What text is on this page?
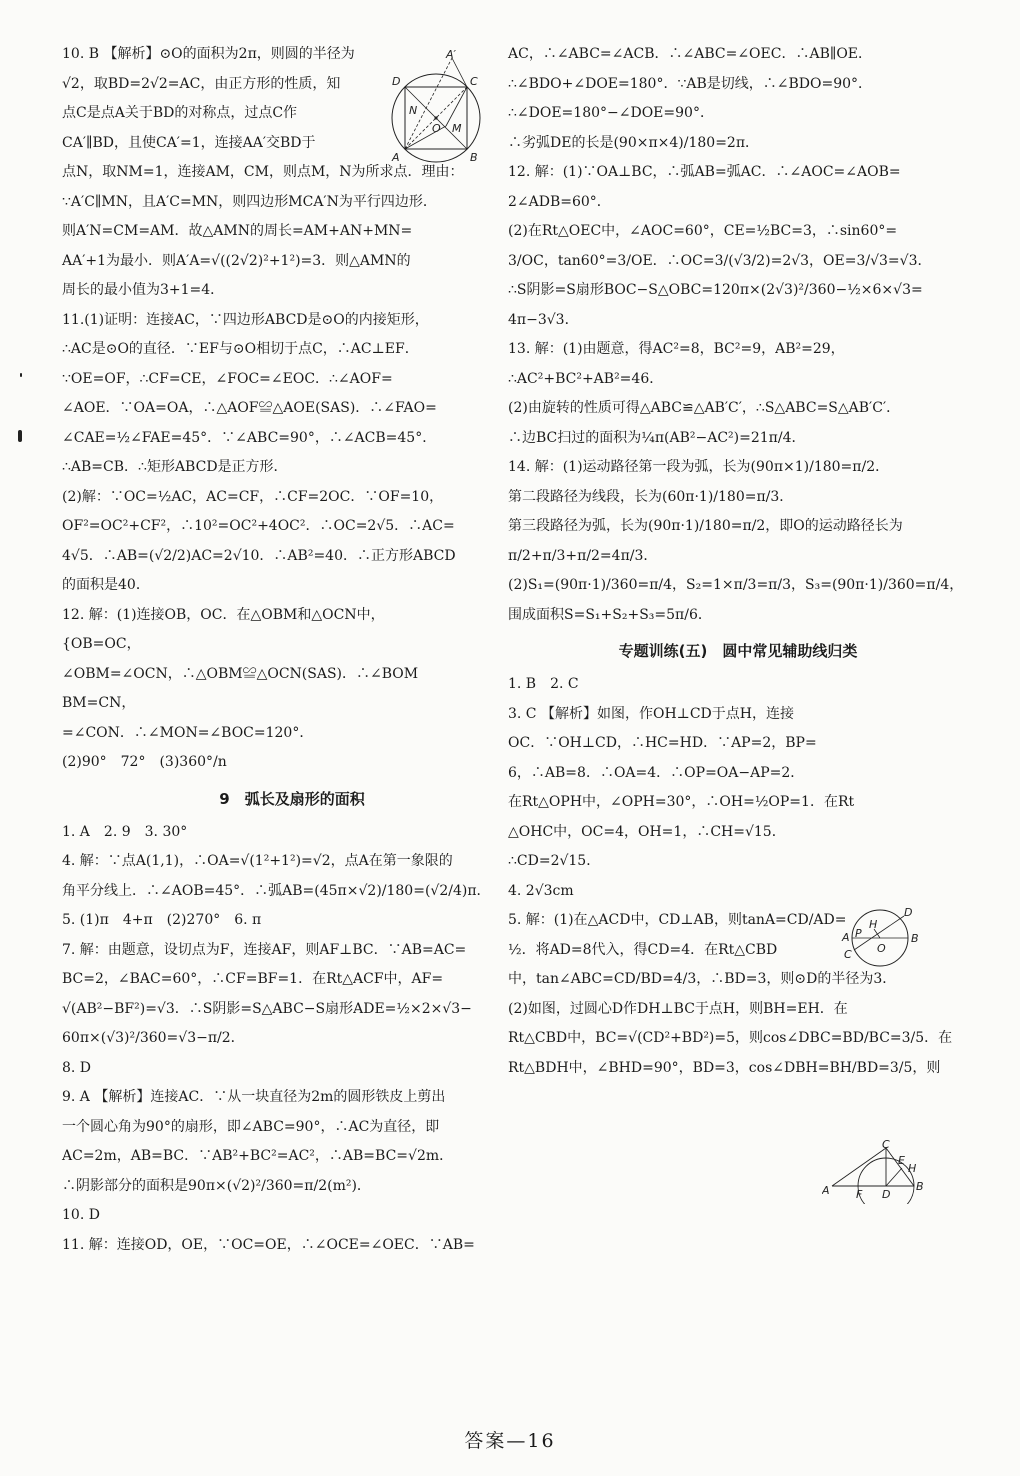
10. B 【解析】⊙O的面积为2π，则圆的半径为
√2，取BD=2√2=AC，由正方形的性质，知
点C是点A关于BD的对称点，过点C作
CA′∥BD，且使CA′=1，连接AA′交BD于
点N，取NM=1，连接AM，CM，则点M，N为所求点．理由：
∵A′C∥MN，且A′C=MN，则四边形MCA′N为平行四边形．
则A′N=CM=AM．故△AMN的周长=AM+AN+MN=
AA′+1为最小．则A′A=√((2√2)²+1²)=3．则△AMN的
周长的最小值为3+1=4．
11.(1)证明：连接AC，∵四边形ABCD是⊙O的内接矩形，
∴AC是⊙O的直径．∵EF与⊙O相切于点C，∴AC⊥EF．
∵OE=OF，∴CF=CE，∠FOC=∠EOC．∴∠AOF=
∠AOE．∵OA=OA，∴△AOF≌△AOE(SAS)．∴∠FAO=
∠CAE=½∠FAE=45°．∵∠ABC=90°，∴∠ACB=45°．
∴AB=CB．∴矩形ABCD是正方形．
(2)解：∵OC=½AC，AC=CF，∴CF=2OC．∵OF=10，
OF²=OC²+CF²，∴10²=OC²+4OC²．∴OC=2√5．∴AC=
4√5．∴AB=(√2/2)AC=2√10．∴AB²=40．∴正方形ABCD
的面积是40．
12. 解：(1)连接OB，OC．在△OBM和△OCN中，
{OB=OC，
∠OBM=∠OCN，∴△OBM≌△OCN(SAS)．∴∠BOM
BM=CN，
=∠CON．∴∠MON=∠BOC=120°．
(2)90°　72°　(3)360°/n
9　弧长及扇形的面积
1. A　2. 9　3. 30°
4. 解：∵点A(1,1)，∴OA=√(1²+1²)=√2，点A在第一象限的
角平分线上．∴∠AOB=45°．∴弧AB=(45π×√2)/180=(√2/4)π．
5. (1)π　4+π　(2)270°　6. π
7. 解：由题意，设切点为F，连接AF，则AF⊥BC．∵AB=AC=
BC=2，∠BAC=60°，∴CF=BF=1．在Rt△ACF中，AF=
√(AB²−BF²)=√3．∴S阴影=S△ABC−S扇形ADE=½×2×√3−
60π×(√3)²/360=√3−π/2．
8. D
9. A 【解析】连接AC．∵从一块直径为2m的圆形铁皮上剪出
一个圆心角为90°的扇形，即∠ABC=90°，∴AC为直径，即
AC=2m，AB=BC．∵AB²+BC²=AC²，∴AB=BC=√2m．
∴阴影部分的面积是90π×(√2)²/360=π/2(m²)．
10. D
11. 解：连接OD，OE，∵OC=OE，∴∠OCE=∠OEC．∵AB=
AC，∴∠ABC=∠ACB．∴∠ABC=∠OEC．∴AB∥OE．
∴∠BDO+∠DOE=180°．∵AB是切线，∴∠BDO=90°．
∴∠DOE=180°−∠DOE=90°．
∴劣弧DE的长是(90×π×4)/180=2π．
12. 解：(1)∵OA⊥BC，∴弧AB=弧AC．∴∠AOC=∠AOB=
2∠ADB=60°．
(2)在Rt△OEC中，∠AOC=60°，CE=½BC=3，∴sin60°=
3/OC，tan60°=3/OE．∴OC=3/(√3/2)=2√3，OE=3/√3=√3．
∴S阴影=S扇形BOC−S△OBC=120π×(2√3)²/360−½×6×√3=
4π−3√3．
13. 解：(1)由题意，得AC²=8，BC²=9，AB²=29，
∴AC²+BC²+AB²=46．
(2)由旋转的性质可得△ABC≌△AB′C′，∴S△ABC=S△AB′C′．
∴边BC扫过的面积为¼π(AB²−AC²)=21π/4．
14. 解：(1)运动路径第一段为弧，长为(90π×1)/180=π/2．
第二段路径为线段，长为(60π·1)/180=π/3．
第三段路径为弧，长为(90π·1)/180=π/2，即O的运动路径长为
π/2+π/3+π/2=4π/3．
(2)S₁=(90π·1)/360=π/4，S₂=1×π/3=π/3，S₃=(90π·1)/360=π/4，
围成面积S=S₁+S₂+S₃=5π/6．
专题训练(五)　圆中常见辅助线归类
1. B　2. C
3. C 【解析】如图，作OH⊥CD于点H，连接
OC．∵OH⊥CD，∴HC=HD．∵AP=2，BP=
6，∴AB=8．∴OA=4．∴OP=OA−AP=2．
在Rt△OPH中，∠OPH=30°，∴OH=½OP=1．在Rt
△OHC中，OC=4，OH=1，∴CH=√15．
∴CD=2√15．
4. 2√3cm
5. 解：(1)在△ACD中，CD⊥AB，则tanA=CD/AD=
½．将AD=8代入，得CD=4．在Rt△CBD
中，tan∠ABC=CD/BD=4/3，∴BD=3，则⊙D的半径为3．
(2)如图，过圆心D作DH⊥BC于点H，则BH=EH．在
Rt△CBD中，BC=√(CD²+BD²)=5，则cos∠DBC=BD/BC=3/5．在
Rt△BDH中，∠BHD=90°，BD=3，cos∠DBH=BH/BD=3/5，则
D	C
A	B
A′
N
O M
A P
H
O
B
C
D
A F D
B
C
E
H
答案—16
